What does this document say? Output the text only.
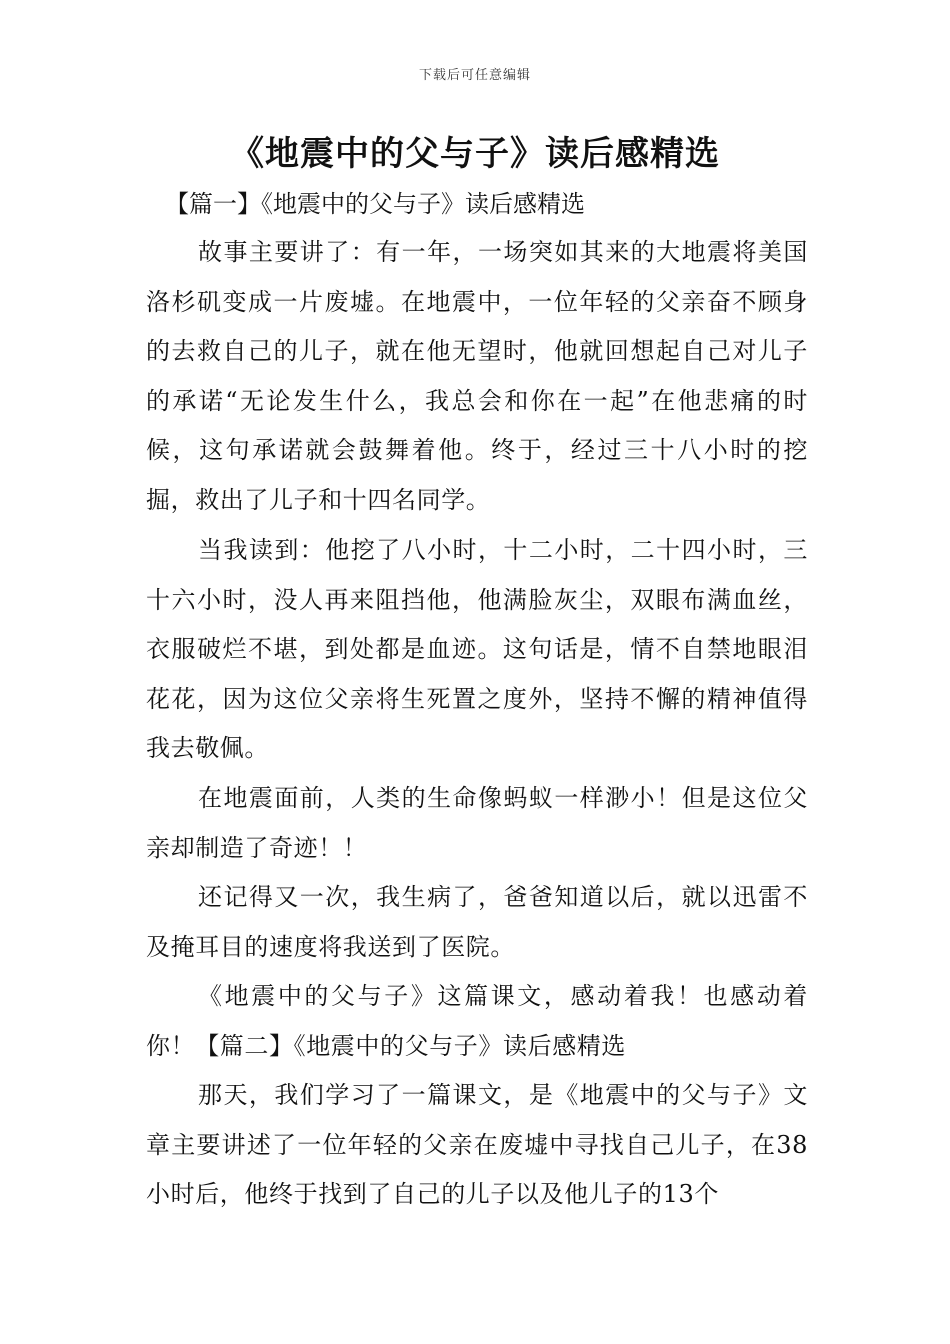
下载后可任意编辑
《地震中的父与子》读后感精选
【篇一】《地震中的父与子》读后感精选

故事主要讲了：有一年，一场突如其来的大地震将美国洛杉矶变成一片废墟。在地震中，一位年轻的父亲奋不顾身的去救自己的儿子，就在他无望时，他就回想起自己对儿子的承诺“无论发生什么，我总会和你在一起”在他悲痛的时候，这句承诺就会鼓舞着他。终于，经过三十八小时的挖掘，救出了儿子和十四名同学。

当我读到：他挖了八小时，十二小时，二十四小时，三十六小时，没人再来阻挡他，他满脸灰尘，双眼布满血丝，衣服破烂不堪，到处都是血迹。这句话是，情不自禁地眼泪花花，因为这位父亲将生死置之度外，坚持不懈的精神值得我去敬佩。

在地震面前，人类的生命像蚂蚁一样渺小！但是这位父亲却制造了奇迹！！

还记得又一次，我生病了，爸爸知道以后，就以迅雷不及掩耳目的速度将我送到了医院。

《地震中的父与子》这篇课文，感动着我！也感动着你！【篇二】《地震中的父与子》读后感精选

那天，我们学习了一篇课文，是《地震中的父与子》文章主要讲述了一位年轻的父亲在废墟中寻找自己儿子，在38小时后，他终于找到了自己的儿子以及他儿子的13个
